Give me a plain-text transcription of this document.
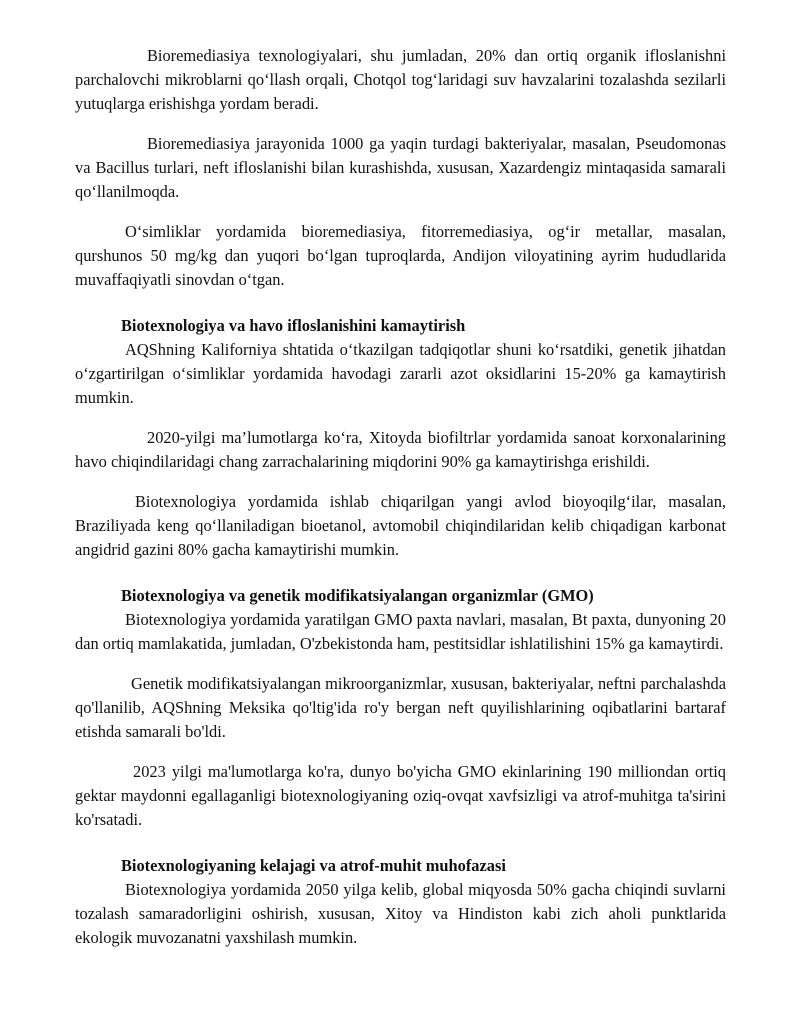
Bioremediasiya texnologiyalari, shu jumladan, 20% dan ortiq organik ifloslanishni parchalovchi mikroblarni qo‘llash orqali, Chotqol tog‘laridagi suv havzalarini tozalashda sezilarli yutuqlarga erishishga yordam beradi.

Bioremediasiya jarayonida 1000 ga yaqin turdagi bakteriyalar, masalan, Pseudomonas va Bacillus turlari, neft ifloslanishi bilan kurashishda, xususan, Xazardengiz mintaqasida samarali qo‘llanilmoqda.

O‘simliklar yordamida bioremediasiya, fitorremediasiya, og‘ir metallar, masalan, qurshunos 50 mg/kg dan yuqori bo‘lgan tuproqlarda, Andijon viloyatining ayrim hududlarida muvaffaqiyatli sinovdan o‘tgan.

Biotexnologiya va havo ifloslanishini kamaytirish

AQShning Kaliforniya shtatida o‘tkazilgan tadqiqotlar shuni ko‘rsatdiki, genetik jihatdan o‘zgartirilgan o‘simliklar yordamida havodagi zararli azot oksidlarini 15-20% ga kamaytirish mumkin.

2020-yilgi ma’lumotlarga ko‘ra, Xitoyda biofiltrlar yordamida sanoat korxonalarining havo chiqindilaridagi chang zarrachalarining miqdorini 90% ga kamaytirishga erishildi.

Biotexnologiya yordamida ishlab chiqarilgan yangi avlod bioyoqilg‘ilar, masalan, Braziliyada keng qo‘llaniladigan bioetanol, avtomobil chiqindilaridan kelib chiqadigan karbonat angidrid gazini 80% gacha kamaytirishi mumkin.

Biotexnologiya va genetik modifikatsiyalangan organizmlar (GMO)

Biotexnologiya yordamida yaratilgan GMO paxta navlari, masalan, Bt paxta, dunyoning 20 dan ortiq mamlakatida, jumladan, O'zbekistonda ham, pestitsidlar ishlatilishini 15% ga kamaytirdi.

Genetik modifikatsiyalangan mikroorganizmlar, xususan, bakteriyalar, neftni parchalashda qo'llanilib, AQShning Meksika qo'ltig'ida ro'y bergan neft quyilishlarining oqibatlarini bartaraf etishda samarali bo'ldi.

2023 yilgi ma'lumotlarga ko'ra, dunyo bo'yicha GMO ekinlarining 190 milliondan ortiq gektar maydonni egallaganligi biotexnologiyaning oziq-ovqat xavfsizligi va atrof-muhitga ta'sirini ko'rsatadi.

Biotexnologiyaning kelajagi va atrof-muhit muhofazasi

Biotexnologiya yordamida 2050 yilga kelib, global miqyosda 50% gacha chiqindi suvlarni tozalash samaradorligini oshirish, xususan, Xitoy va Hindiston kabi zich aholi punktlarida ekologik muvozanatni yaxshilash mumkin.
